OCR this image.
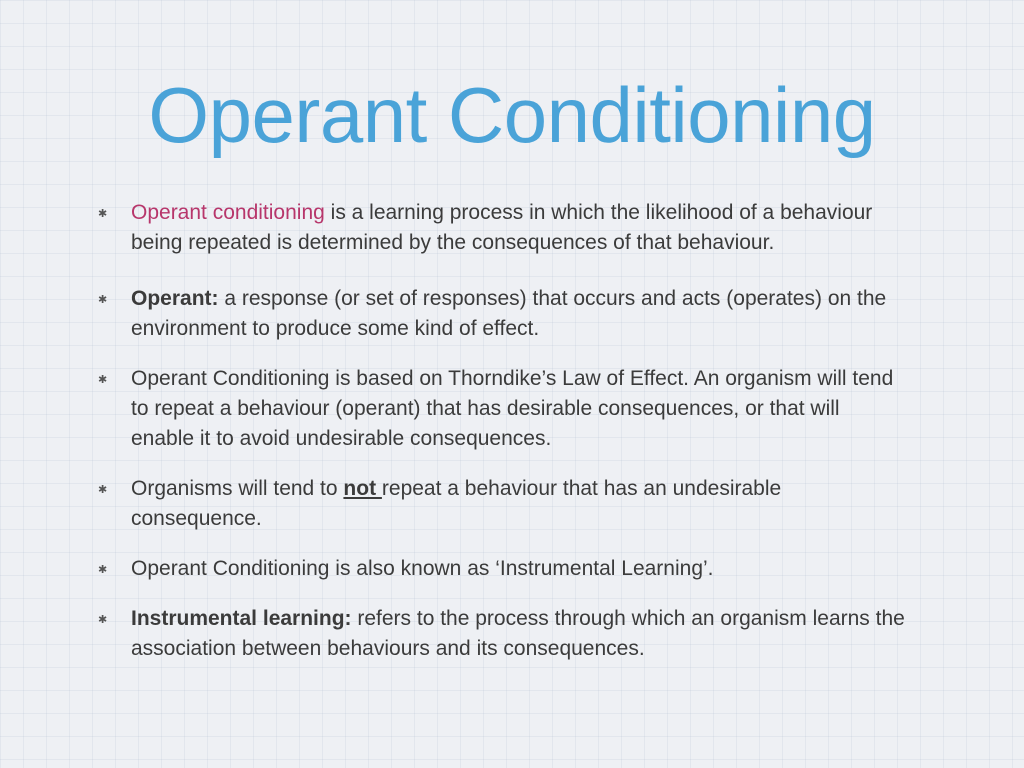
Operant Conditioning
✱ Operant conditioning is a learning process in which the likelihood of a behaviour being repeated is determined by the consequences of that behaviour.
✱ Operant: a response (or set of responses) that occurs and acts (operates) on the environment to produce some kind of effect.
✱ Operant Conditioning is based on Thorndike’s Law of Effect. An organism will tend to repeat a behaviour (operant) that has desirable consequences, or that will enable it to avoid undesirable consequences.
✱ Organisms will tend to not repeat a behaviour that has an undesirable consequence.
✱ Operant Conditioning is also known as ‘Instrumental Learning’.
✱ Instrumental learning: refers to the process through which an organism learns the association between behaviours and its consequences.
